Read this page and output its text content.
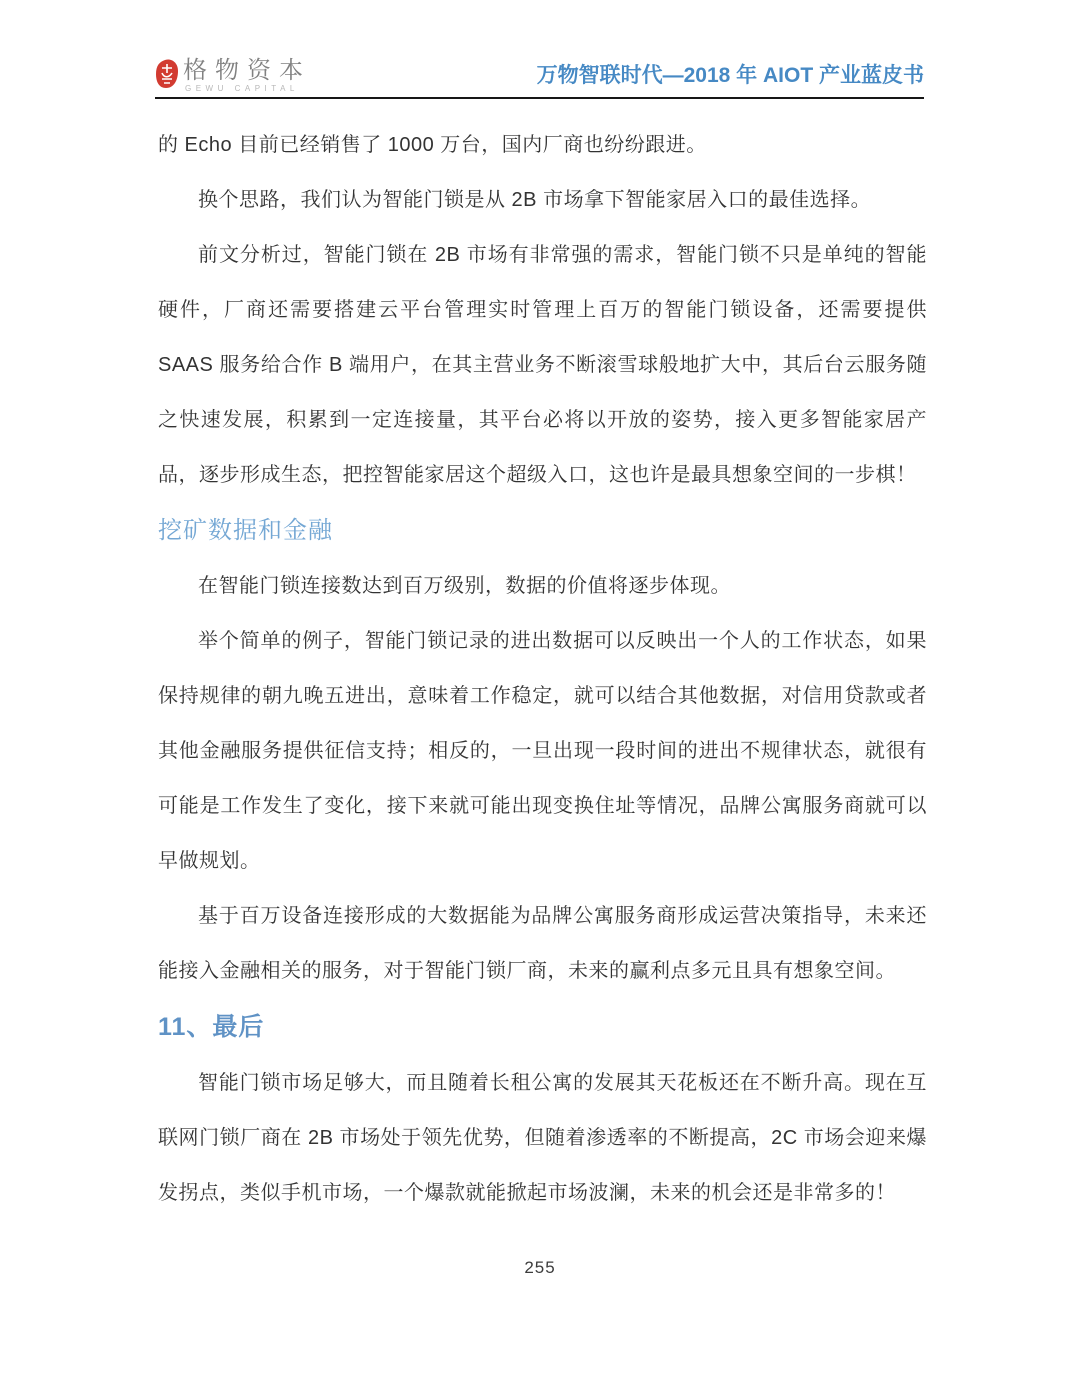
格物资本
GEWU CAPITAL
万物智联时代—2018 年 AIOT 产业蓝皮书

的 Echo 目前已经销售了 1000 万台，国内厂商也纷纷跟进。

换个思路，我们认为智能门锁是从 2B 市场拿下智能家居入口的最佳选择。

前文分析过，智能门锁在 2B 市场有非常强的需求，智能门锁不只是单纯的智能硬件，厂商还需要搭建云平台管理实时管理上百万的智能门锁设备，还需要提供 SAAS 服务给合作 B 端用户，在其主营业务不断滚雪球般地扩大中，其后台云服务随之快速发展，积累到一定连接量，其平台必将以开放的姿势，接入更多智能家居产品，逐步形成生态，把控智能家居这个超级入口，这也许是最具想象空间的一步棋！

挖矿数据和金融

在智能门锁连接数达到百万级别，数据的价值将逐步体现。

举个简单的例子，智能门锁记录的进出数据可以反映出一个人的工作状态，如果保持规律的朝九晚五进出，意味着工作稳定，就可以结合其他数据，对信用贷款或者其他金融服务提供征信支持；相反的，一旦出现一段时间的进出不规律状态，就很有可能是工作发生了变化，接下来就可能出现变换住址等情况，品牌公寓服务商就可以早做规划。

基于百万设备连接形成的大数据能为品牌公寓服务商形成运营决策指导，未来还能接入金融相关的服务，对于智能门锁厂商，未来的赢利点多元且具有想象空间。

11、最后

智能门锁市场足够大，而且随着长租公寓的发展其天花板还在不断升高。现在互联网门锁厂商在 2B 市场处于领先优势，但随着渗透率的不断提高，2C 市场会迎来爆发拐点，类似手机市场，一个爆款就能掀起市场波澜，未来的机会还是非常多的！

255
